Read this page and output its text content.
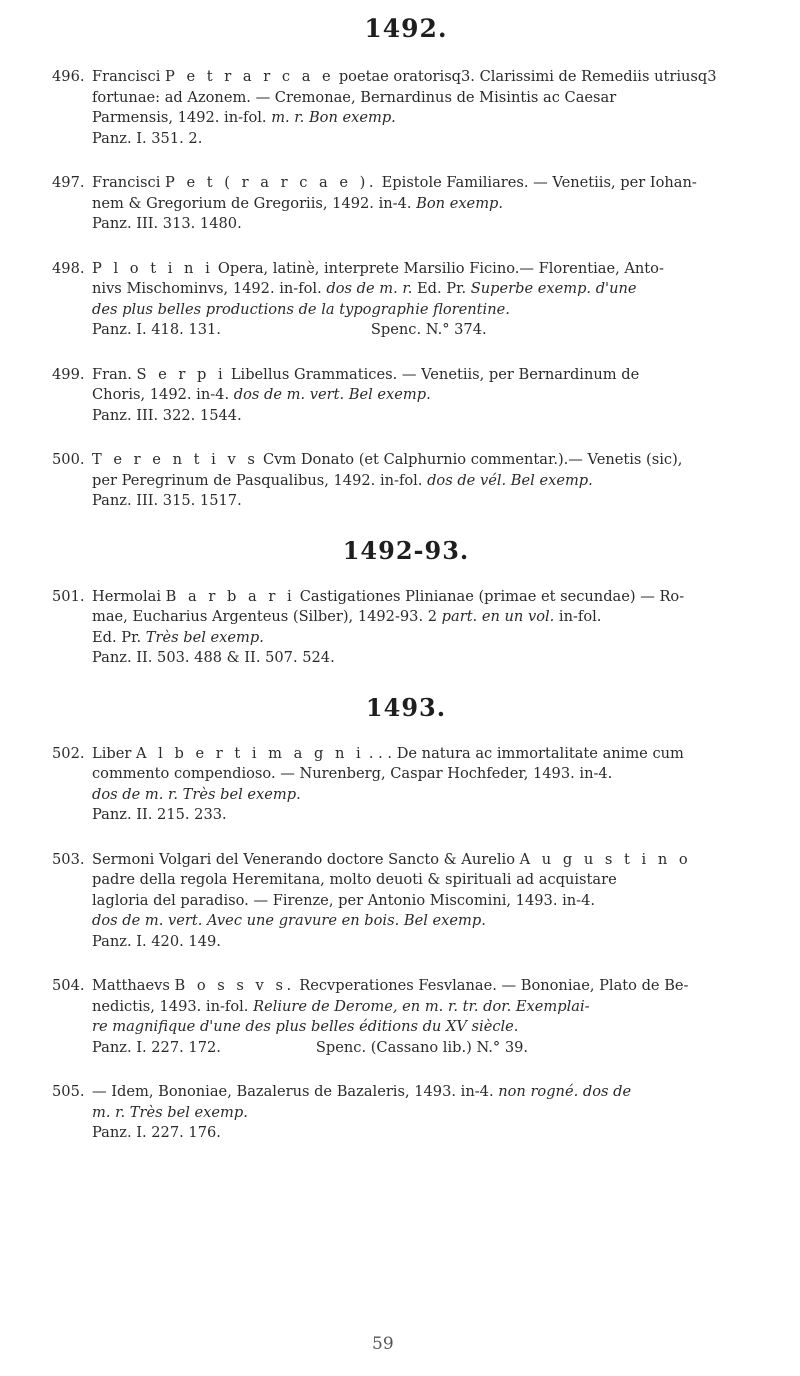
1492.
496. Francisci P e t r a r c a e poetae oratorisq3. Clarissimi de Remediis utriusq3
fortunae: ad Azonem. — Cremonae, Bernardinus de Misintis ac Caesar
Parmensis, 1492. in-fol. m. r. Bon exemp.
Panz. I. 351. 2.
497. Francisci P e t ( r a r c a e ). Epistole Familiares. — Venetiis, per Iohan-
nem & Gregorium de Gregoriis, 1492. in-4. Bon exemp.
Panz. III. 313. 1480.
498. P l o t i n i Opera, latinè, interprete Marsilio Ficino.— Florentiae, Anto-
nivs Mischominvs, 1492. in-fol. dos de m. r. Ed. Pr. Superbe exemp. d'une
des plus belles productions de la typographie florentine.
Panz. I. 418. 131.	Spenc. N.° 374.
499. Fran. S e r p i Libellus Grammatices. — Venetiis, per Bernardinum de
Choris, 1492. in-4. dos de m. vert. Bel exemp.
Panz. III. 322. 1544.
500. T e r e n t i v s Cvm Donato (et Calphurnio commentar.).— Venetis (sic),
per Peregrinum de Pasqualibus, 1492. in-fol. dos de vél. Bel exemp.
Panz. III. 315. 1517.
1492-93.
501. Hermolai B a r b a r i Castigationes Plinianae (primae et secundae) — Ro-
mae, Eucharius Argenteus (Silber), 1492-93. 2 part. en un vol. in-fol.
Ed. Pr. Très bel exemp.
Panz. II. 503. 488 & II. 507. 524.
1493.
502. Liber A l b e r t i m a g n i . . . De natura ac immortalitate anime cum
commento compendioso. — Nurenberg, Caspar Hochfeder, 1493. in-4.
dos de m. r. Très bel exemp.
Panz. II. 215. 233.
503. Sermoni Volgari del Venerando doctore Sancto & Aurelio A u g u s t i n o
padre della regola Heremitana, molto deuoti & spirituali ad acquistare
lagloria del paradiso. — Firenze, per Antonio Miscomini, 1493. in-4.
dos de m. vert. Avec une gravure en bois. Bel exemp.
Panz. I. 420. 149.
504. Matthaevs B o s s v s. Recvperationes Fesvlanae. — Bononiae, Plato de Be-
nedictis, 1493. in-fol. Reliure de Derome, en m. r. tr. dor. Exemplai-
re magnifique d'une des plus belles éditions du XV siècle.
Panz. I. 227. 172.	Spenc. (Cassano lib.) N.° 39.
505. — Idem, Bononiae, Bazalerus de Bazaleris, 1493. in-4. non rogné. dos de
m. r. Très bel exemp.
Panz. I. 227. 176.
59
